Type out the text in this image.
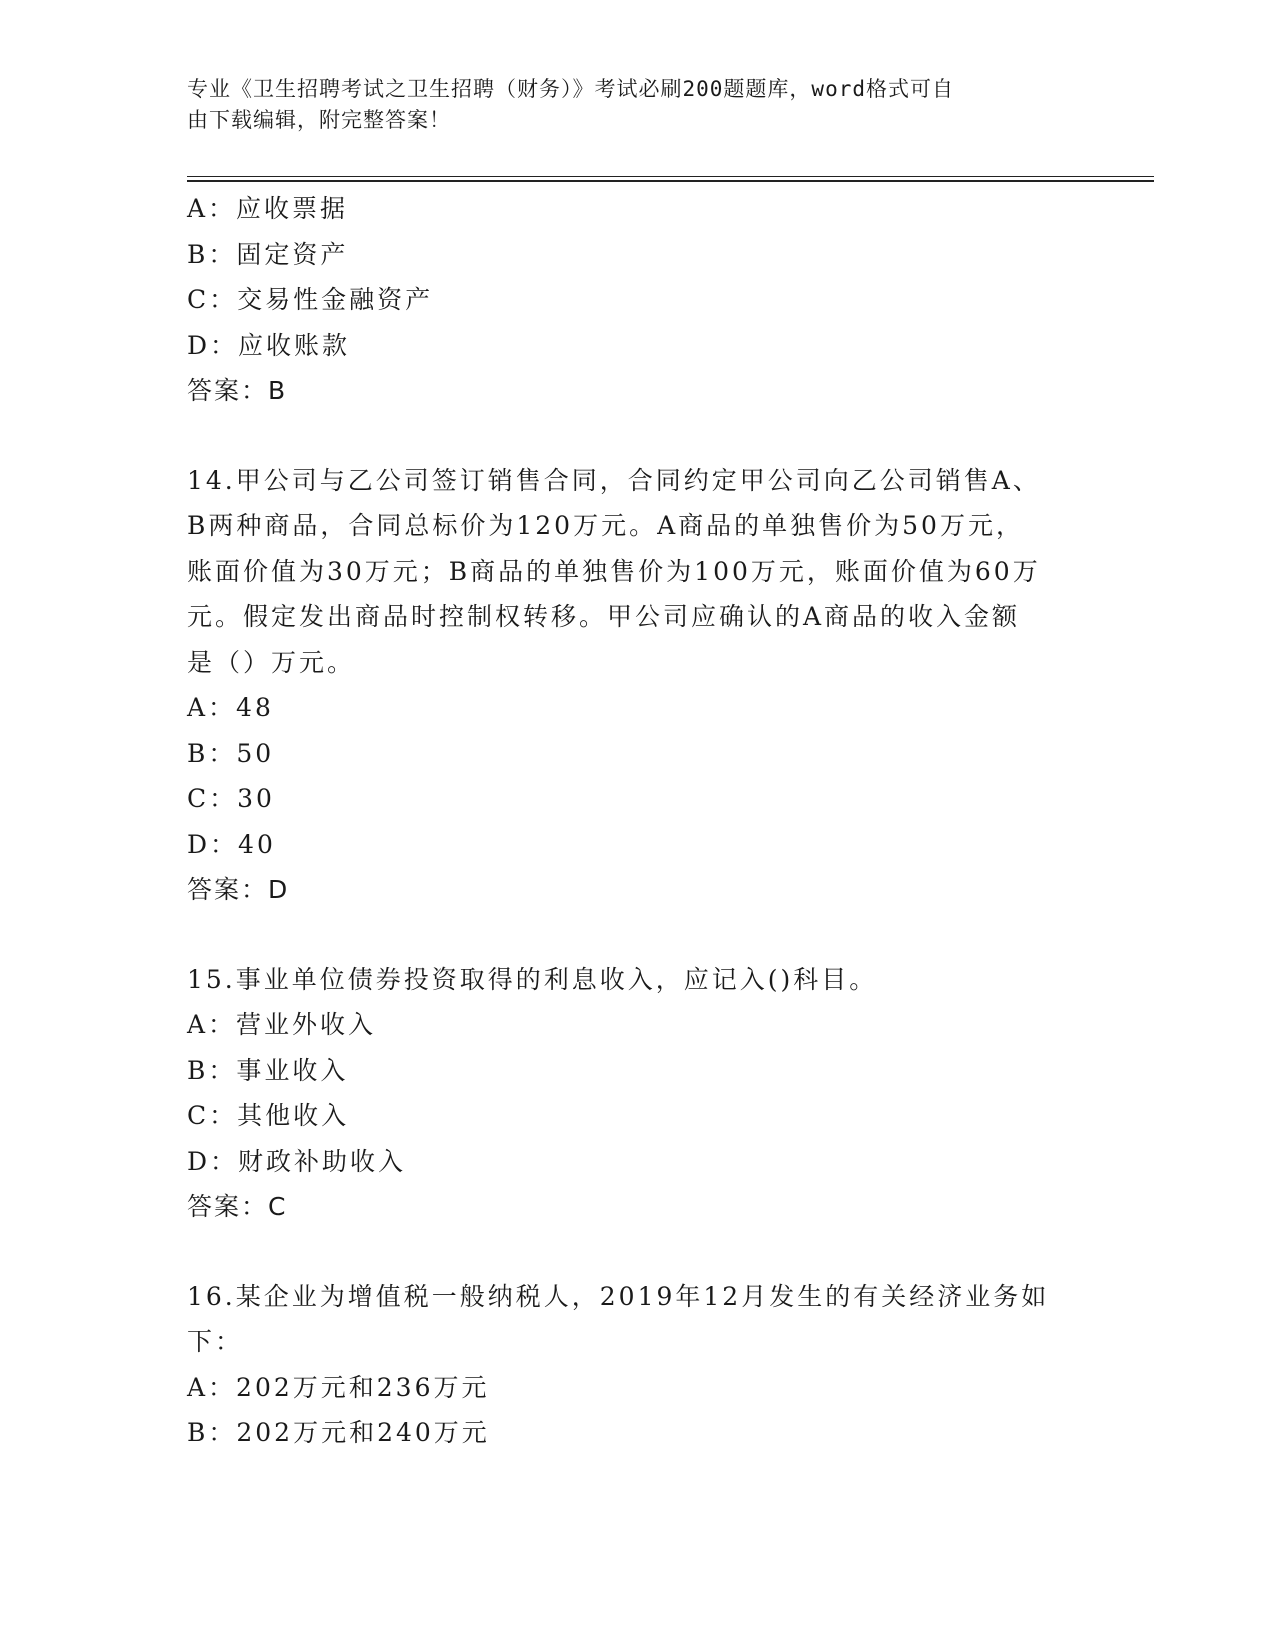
专业《卫生招聘考试之卫生招聘（财务）》考试必刷200题题库，word格式可自
由下载编辑，附完整答案！
A：应收票据
B：固定资产
C：交易性金融资产
D：应收账款
答案：B
14.甲公司与乙公司签订销售合同，合同约定甲公司向乙公司销售A、
B两种商品，合同总标价为120万元。A商品的单独售价为50万元，
账面价值为30万元；B商品的单独售价为100万元，账面价值为60万
元。假定发出商品时控制权转移。甲公司应确认的A商品的收入金额
是（）万元。
A：48
B：50
C：30
D：40
答案：D
15.事业单位债券投资取得的利息收入，应记入()科目。
A：营业外收入
B：事业收入
C：其他收入
D：财政补助收入
答案：C
16.某企业为增值税一般纳税人，2019年12月发生的有关经济业务如
下：
A：202万元和236万元
B：202万元和240万元
